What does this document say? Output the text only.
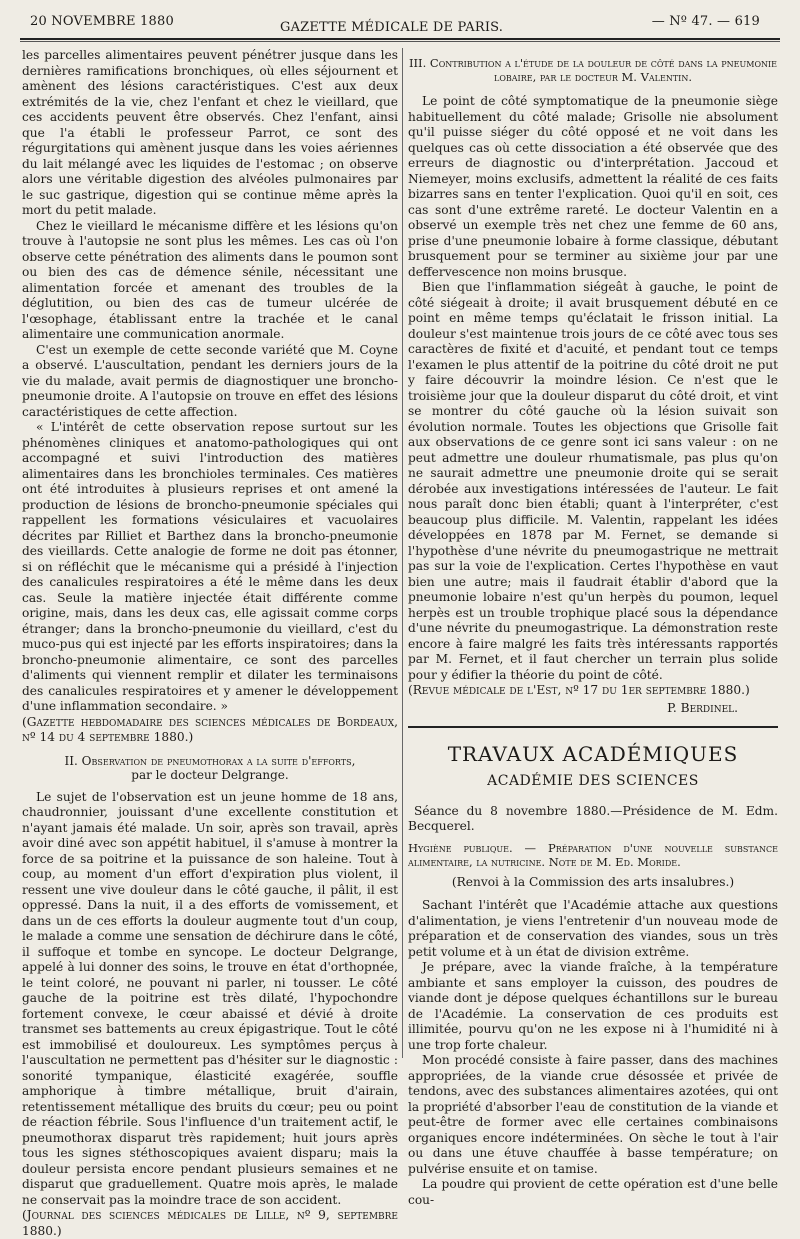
20 NOVEMBRE 1880	GAZETTE MÉDICALE DE PARIS.	— Nº 47. — 619

les parcelles alimentaires peuvent pénétrer jusque dans les dernières ramifications bronchiques, où elles séjournent et amènent des lésions caractéristiques. C'est aux deux extrémités de la vie, chez l'enfant et chez le vieillard, que ces accidents peuvent être observés. Chez l'enfant, ainsi que l'a établi le professeur Parrot, ce sont des régurgitations qui amènent jusque dans les voies aériennes du lait mélangé avec les liquides de l'estomac ; on observe alors une véritable digestion des alvéoles pulmonaires par le suc gastrique, digestion qui se continue même après la mort du petit malade.

Chez le vieillard le mécanisme diffère et les lésions qu'on trouve à l'autopsie ne sont plus les mêmes. Les cas où l'on observe cette pénétration des aliments dans le poumon sont ou bien des cas de démence sénile, nécessitant une alimentation forcée et amenant des troubles de la déglutition, ou bien des cas de tumeur ulcérée de l'œsophage, établissant entre la trachée et le canal alimentaire une communication anormale.

C'est un exemple de cette seconde variété que M. Coyne a observé. L'auscultation, pendant les derniers jours de la vie du malade, avait permis de diagnostiquer une broncho-pneumonie droite. A l'autopsie on trouve en effet des lésions caractéristiques de cette affection.

« L'intérêt de cette observation repose surtout sur les phénomènes cliniques et anatomo-pathologiques qui ont accompagné et suivi l'introduction des matières alimentaires dans les bronchioles terminales. Ces matières ont été introduites à plusieurs reprises et ont amené la production de lésions de broncho-pneumonie spéciales qui rappellent les formations vésiculaires et vacuolaires décrites par Rilliet et Barthez dans la broncho-pneumonie des vieillards. Cette analogie de forme ne doit pas étonner, si on réfléchit que le mécanisme qui a présidé à l'injection des canalicules respiratoires a été le même dans les deux cas. Seule la matière injectée était différente comme origine, mais, dans les deux cas, elle agissait comme corps étranger; dans la broncho-pneumonie du vieillard, c'est du muco-pus qui est injecté par les efforts inspiratoires; dans la broncho-pneumonie alimentaire, ce sont des parcelles d'aliments qui viennent remplir et dilater les terminaisons des canalicules respiratoires et y amener le développement d'une inflammation secondaire. »

(Gazette hebdomadaire des sciences médicales de Bordeaux, nº 14 du 4 septembre 1880.)

II. Observation de pneumothorax a la suite d'efforts,
par le docteur Delgrange.

Le sujet de l'observation est un jeune homme de 18 ans, chaudronnier, jouissant d'une excellente constitution et n'ayant jamais été malade. Un soir, après son travail, après avoir diné avec son appétit habituel, il s'amuse à montrer la force de sa poitrine et la puissance de son haleine. Tout à coup, au moment d'un effort d'expiration plus violent, il ressent une vive douleur dans le côté gauche, il pâlit, il est oppressé. Dans la nuit, il a des efforts de vomissement, et dans un de ces efforts la douleur augmente tout d'un coup, le malade a comme une sensation de déchirure dans le côté, il suffoque et tombe en syncope. Le docteur Delgrange, appelé à lui donner des soins, le trouve en état d'orthopnée, le teint coloré, ne pouvant ni parler, ni tousser. Le côté gauche de la poitrine est très dilaté, l'hypochondre fortement convexe, le cœur abaissé et dévié à droite transmet ses battements au creux épigastrique. Tout le côté est immobilisé et douloureux. Les symptômes perçus à l'auscultation ne permettent pas d'hésiter sur le diagnostic : sonorité tympanique, élasticité exagérée, souffle amphorique à timbre métallique, bruit d'airain, retentissement métallique des bruits du cœur; peu ou point de réaction fébrile. Sous l'influence d'un traitement actif, le pneumothorax disparut très rapidement; huit jours après tous les signes stéthoscopiques avaient disparu; mais la douleur persista encore pendant plusieurs semaines et ne disparut que graduellement. Quatre mois après, le malade ne conservait pas la moindre trace de son accident.

(Journal des sciences médicales de Lille, nº 9, septembre 1880.)

III. Contribution a l'étude de la douleur de côté dans la pneumonie lobaire, par le docteur M. Valentin.

Le point de côté symptomatique de la pneumonie siège habituellement du côté malade; Grisolle nie absolument qu'il puisse siéger du côté opposé et ne voit dans les quelques cas où cette dissociation a été observée que des erreurs de diagnostic ou d'interprétation. Jaccoud et Niemeyer, moins exclusifs, admettent la réalité de ces faits bizarres sans en tenter l'explication. Quoi qu'il en soit, ces cas sont d'une extrême rareté. Le docteur Valentin en a observé un exemple très net chez une femme de 60 ans, prise d'une pneumonie lobaire à forme classique, débutant brusquement pour se terminer au sixième jour par une deffervescence non moins brusque.

Bien que l'inflammation siégeât à gauche, le point de côté siégeait à droite; il avait brusquement débuté en ce point en même temps qu'éclatait le frisson initial. La douleur s'est maintenue trois jours de ce côté avec tous ses caractères de fixité et d'acuité, et pendant tout ce temps l'examen le plus attentif de la poitrine du côté droit ne put y faire découvrir la moindre lésion. Ce n'est que le troisième jour que la douleur disparut du côté droit, et vint se montrer du côté gauche où la lésion suivait son évolution normale. Toutes les objections que Grisolle fait aux observations de ce genre sont ici sans valeur : on ne peut admettre une douleur rhumatismale, pas plus qu'on ne saurait admettre une pneumonie droite qui se serait dérobée aux investigations intéressées de l'auteur. Le fait nous paraît donc bien établi; quant à l'interpréter, c'est beaucoup plus difficile. M. Valentin, rappelant les idées développées en 1878 par M. Fernet, se demande si l'hypothèse d'une névrite du pneumogastrique ne mettrait pas sur la voie de l'explication. Certes l'hypothèse en vaut bien une autre; mais il faudrait établir d'abord que la pneumonie lobaire n'est qu'un herpès du poumon, lequel herpès est un trouble trophique placé sous la dépendance d'une névrite du pneumogastrique. La démonstration reste encore à faire malgré les faits très intéressants rapportés par M. Fernet, et il faut chercher un terrain plus solide pour y édifier la théorie du point de côté.

(Revue médicale de l'Est, nº 17 du 1er septembre 1880.)

P. Berdinel.
TRAVAUX ACADÉMIQUES
ACADÉMIE DES SCIENCES

Séance du 8 novembre 1880.—Présidence de M. Edm. Becquerel.

Hygiène publique. — Préparation d'une nouvelle substance alimentaire, la nutricine. Note de M. Ed. Moride.

(Renvoi à la Commission des arts insalubres.)

Sachant l'intérêt que l'Académie attache aux questions d'alimentation, je viens l'entretenir d'un nouveau mode de préparation et de conservation des viandes, sous un très petit volume et à un état de division extrême.

Je prépare, avec la viande fraîche, à la température ambiante et sans employer la cuisson, des poudres de viande dont je dépose quelques échantillons sur le bureau de l'Académie. La conservation de ces produits est illimitée, pourvu qu'on ne les expose ni à l'humidité ni à une trop forte chaleur.

Mon procédé consiste à faire passer, dans des machines appropriées, de la viande crue désossée et privée de tendons, avec des substances alimentaires azotées, qui ont la propriété d'absorber l'eau de constitution de la viande et peut-être de former avec elle certaines combinaisons organiques encore indéterminées. On sèche le tout à l'air ou dans une étuve chauffée à basse température; on pulvérise ensuite et on tamise.

La poudre qui provient de cette opération est d'une belle cou-
